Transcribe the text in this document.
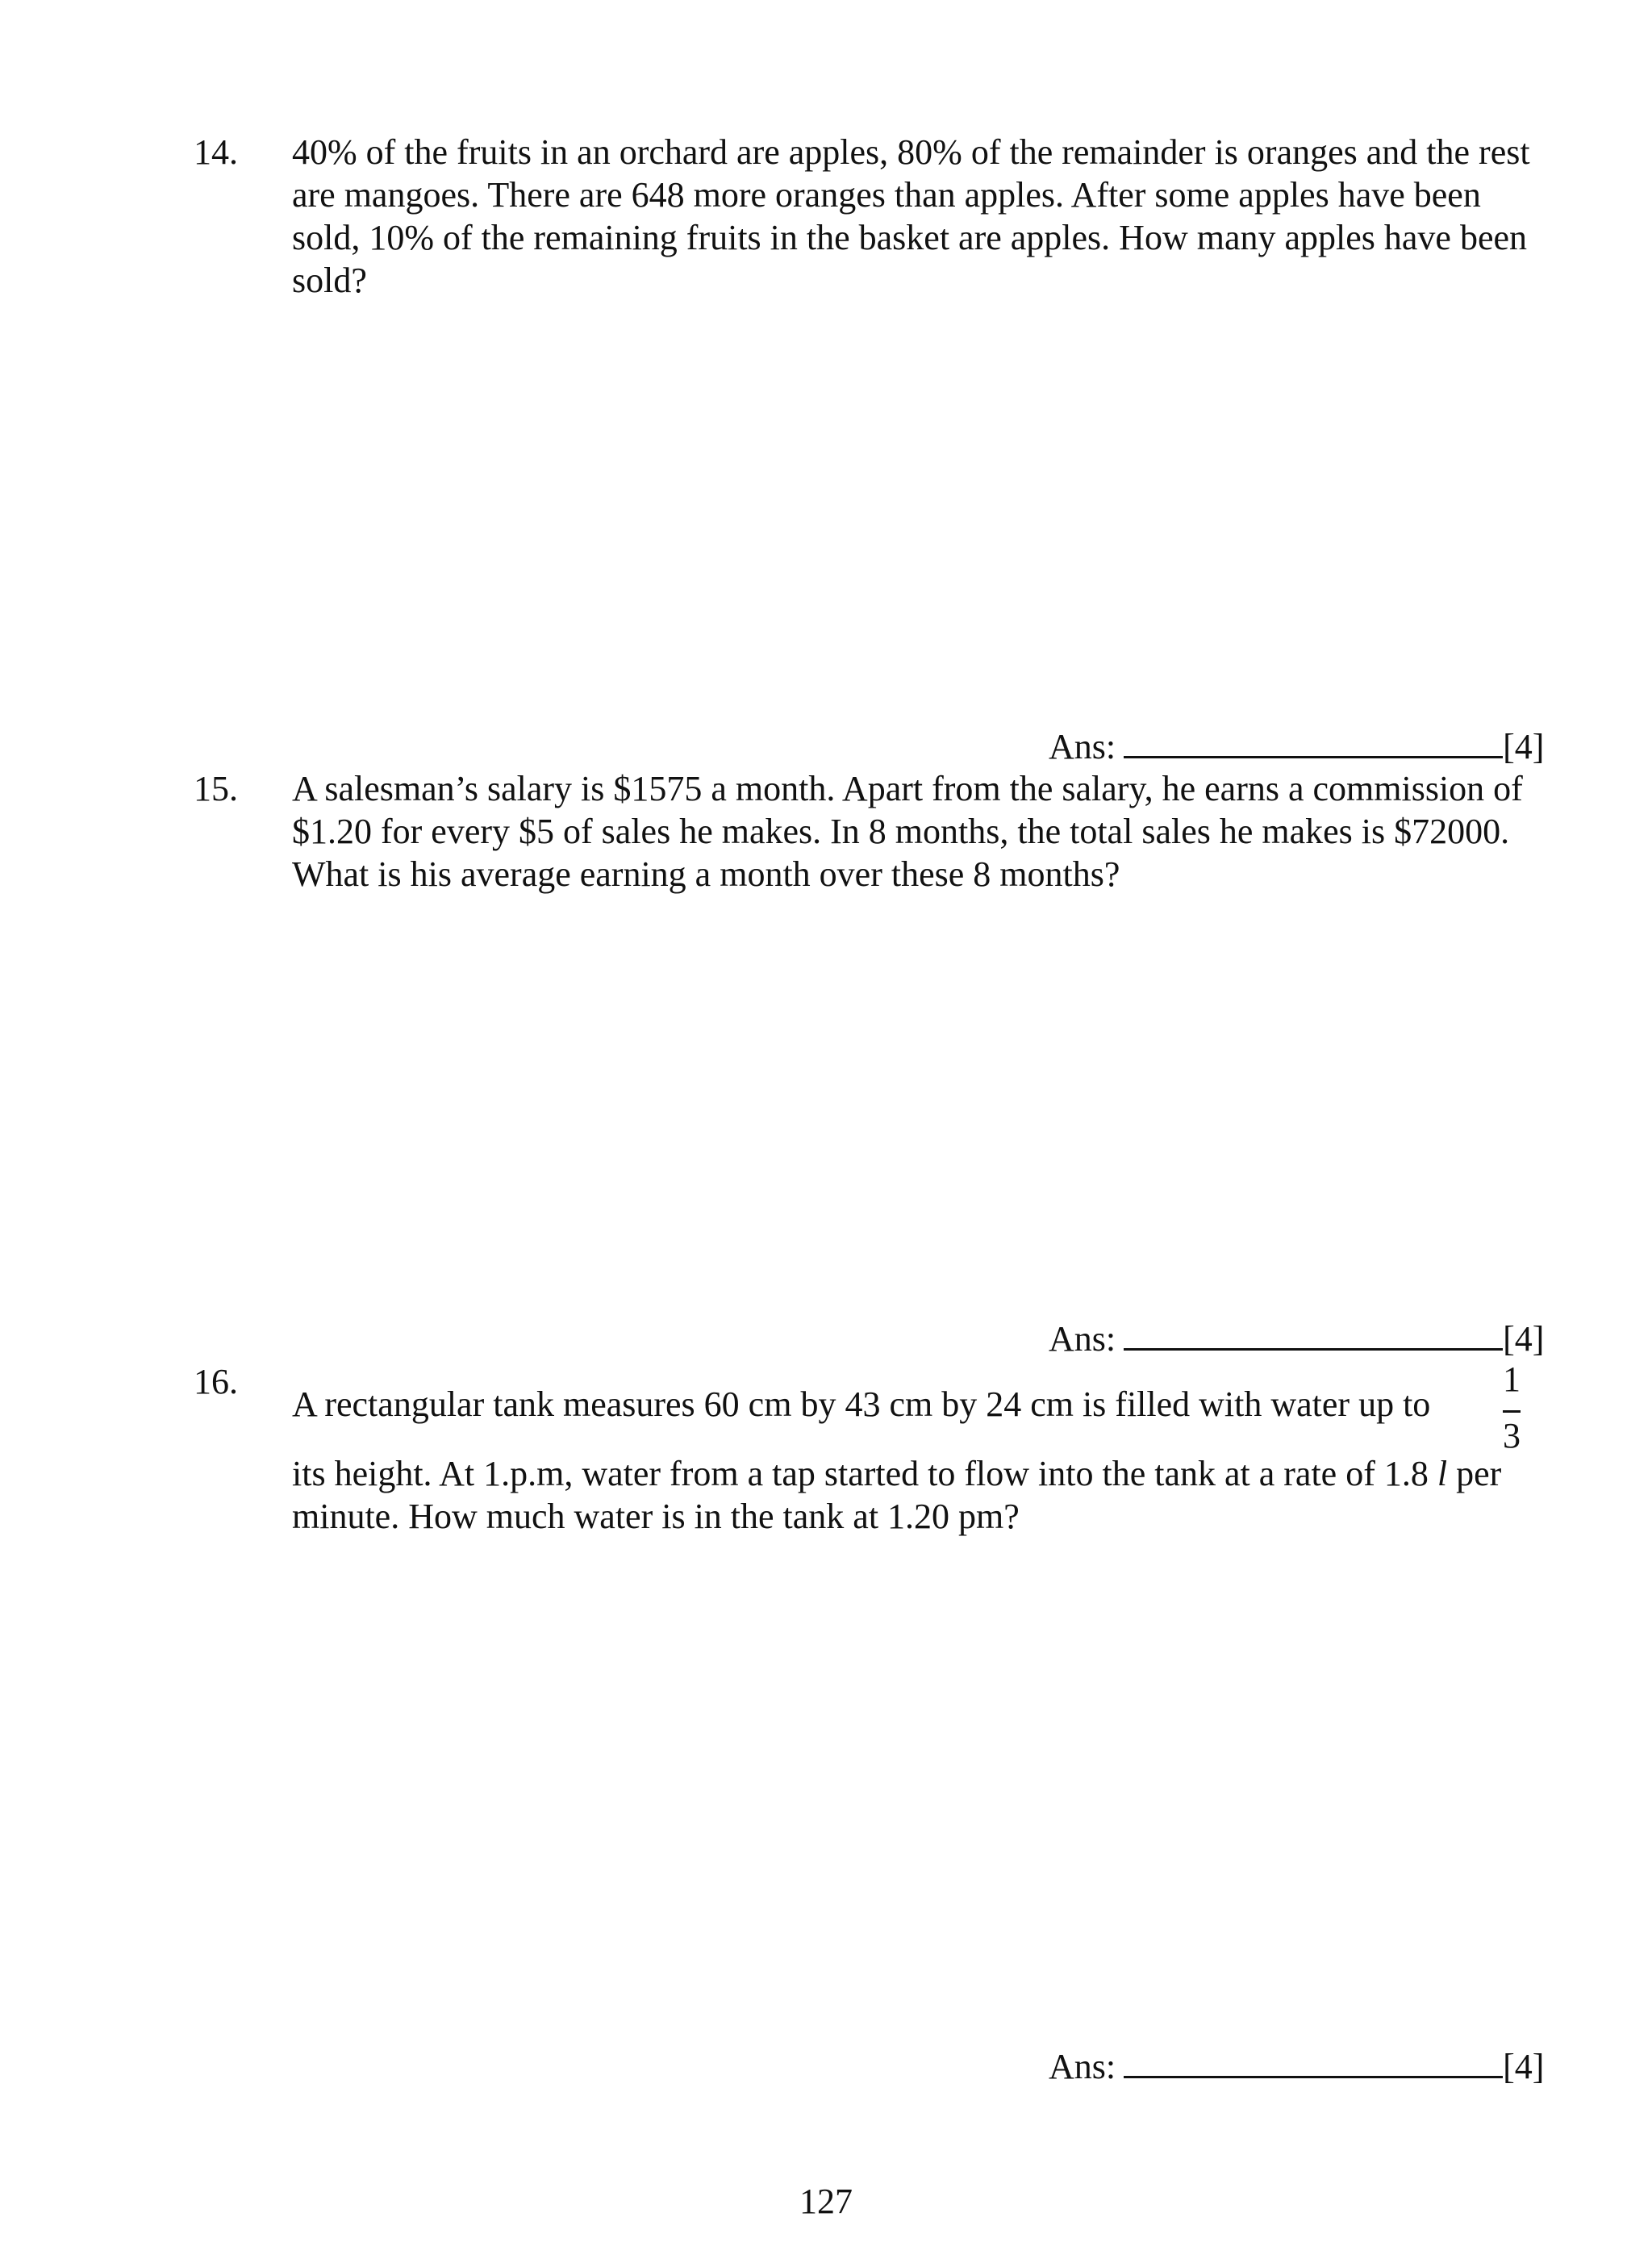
14. 40% of the fruits in an orchard are apples, 80% of the remainder is oranges and the rest are mangoes. There are 648 more oranges than apples. After some apples have been sold, 10% of the remaining fruits in the basket are apples. How many apples have been sold?

Ans:	[4]
15. A salesman’s salary is $1575 a month. Apart from the salary, he earns a commission of $1.20 for every $5 of sales he makes. In 8 months, the total sales he makes is $72000. What is his average earning a month over these 8 months?

Ans:	[4]
16.
A rectangular tank measures 60 cm by 43 cm by 24 cm is filled with water up to
1
3

its height. At 1.p.m, water from a tap started to flow into the tank at a rate of 1.8 l per minute. How much water is in the tank at 1.20 pm?

Ans:	[4]
127
